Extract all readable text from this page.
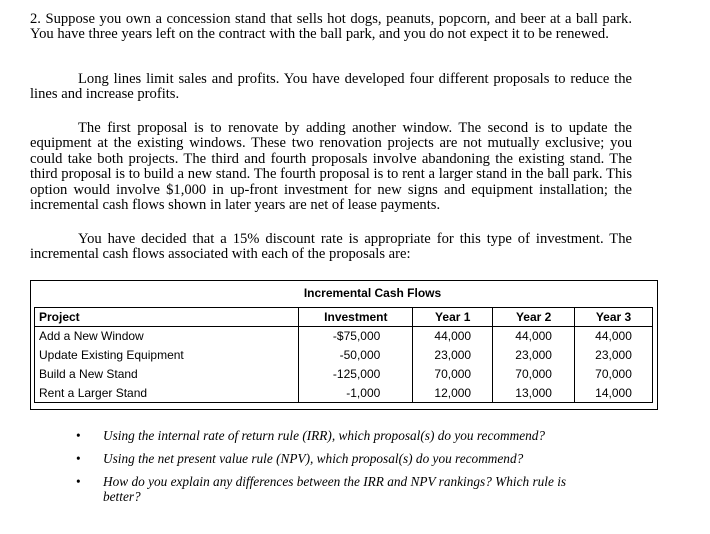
2. Suppose you own a concession stand that sells hot dogs, peanuts, popcorn, and beer at a ball park. You have three years left on the contract with the ball park, and you do not expect it to be renewed.

Long lines limit sales and profits. You have developed four different proposals to reduce the lines and increase profits.

The first proposal is to renovate by adding another window. The second is to update the equipment at the existing windows. These two renovation projects are not mutually exclusive; you could take both projects. The third and fourth proposals involve abandoning the existing stand. The third proposal is to build a new stand. The fourth proposal is to rent a larger stand in the ball park. This option would involve $1,000 in up-front investment for new signs and equipment installation; the incremental cash flows shown in later years are net of lease payments.

You have decided that a 15% discount rate is appropriate for this type of investment. The incremental cash flows associated with each of the proposals are:

Incremental Cash Flows
Project	Investment	Year 1	Year 2	Year 3
Add a New Window	-$75,000	44,000	44,000	44,000
Update Existing Equipment	-50,000	23,000	23,000	23,000
Build a New Stand	-125,000	70,000	70,000	70,000
Rent a Larger Stand	-1,000	12,000	13,000	14,000
• Using the internal rate of return rule (IRR), which proposal(s) do you recommend?
• Using the net present value rule (NPV), which proposal(s) do you recommend?
• How do you explain any differences between the IRR and NPV rankings? Which rule is better?
